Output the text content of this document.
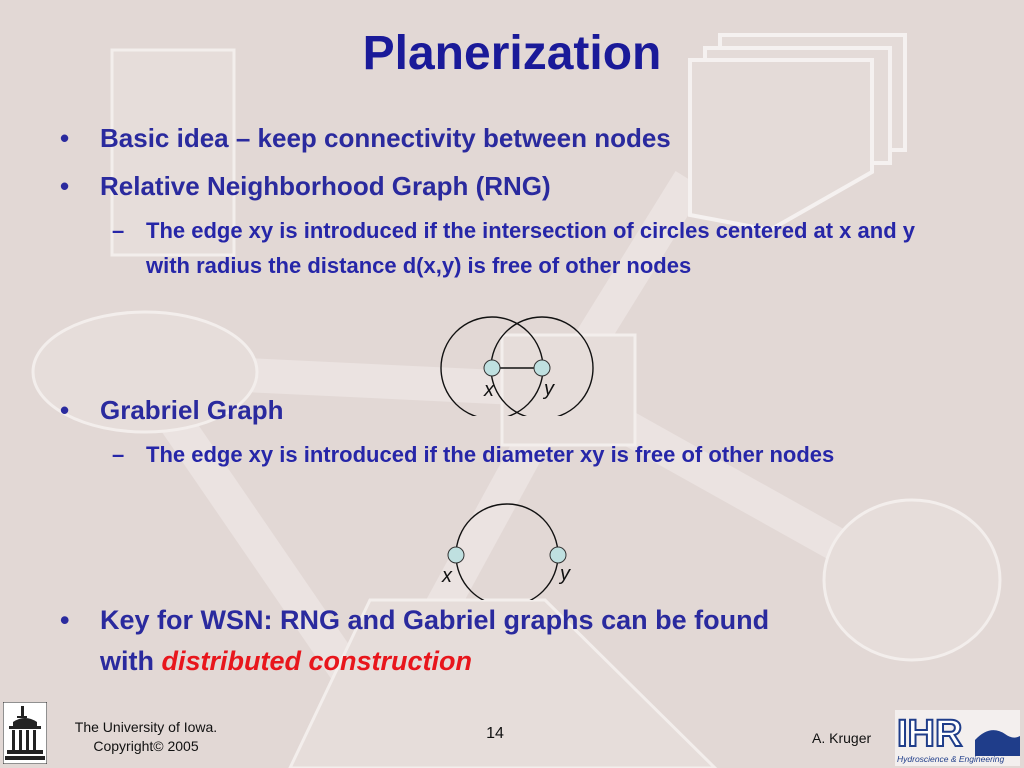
Planerization
• Basic idea – keep connectivity between nodes
• Relative Neighborhood Graph (RNG)
– The edge xy is introduced if the intersection of circles centered at x and y with radius the distance d(x,y) is free of other nodes
x	y
• Grabriel Graph
– The edge xy is introduced if the diameter xy is free of other nodes
x	y
• Key for WSN: RNG and Gabriel graphs can be found
with distributed construction
The University of Iowa.
Copyright© 2005
14	A. Kruger IHR
Hydroscience & Engineering
